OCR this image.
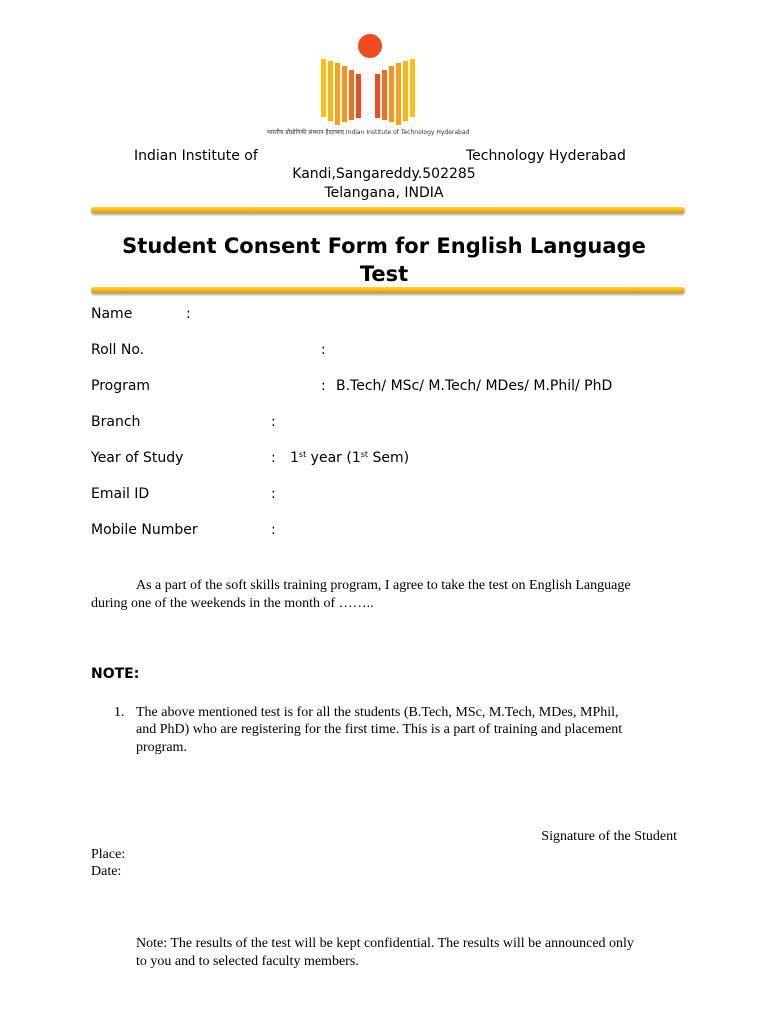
भारतीय प्रौद्योगिकी संस्थान हैदराबाद Indian Institute of Technology Hyderabad
Indian Institute of	Technology Hyderabad
Kandi,Sangareddy.502285
Telangana, INDIA
Student Consent Form for English Language
Test
Name	:
Roll No.	:
Program	: B.Tech/ MSc/ M.Tech/ MDes/ M.Phil/ PhD
Branch	:
Year of Study	: 1st year (1st Sem)
Email ID	:
Mobile Number	:
As a part of the soft skills training program, I agree to take the test on English Language
during one of the weekends in the month of ……..
NOTE:
1. The above mentioned test is for all the students (B.Tech, MSc, M.Tech, MDes, MPhil,
and PhD) who are registering for the first time. This is a part of training and placement
program.
Signature of the Student
Place:
Date:
Note: The results of the test will be kept confidential. The results will be announced only
to you and to selected faculty members.
